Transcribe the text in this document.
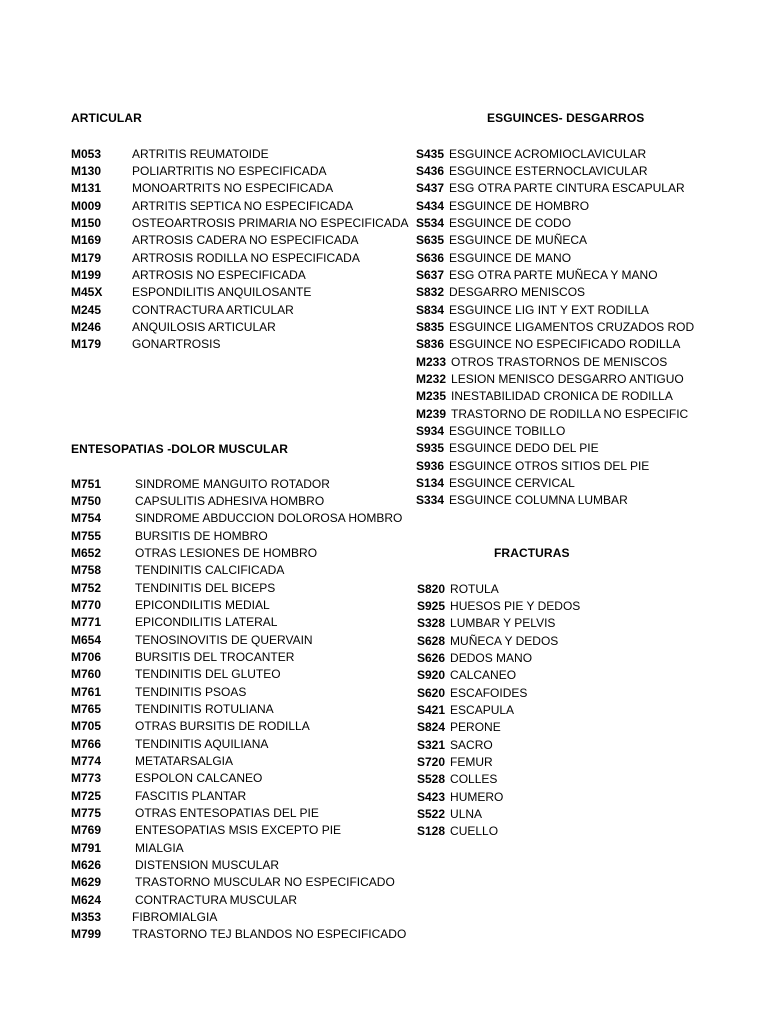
ARTICULAR
M053	ARTRITIS REUMATOIDE
M130	POLIARTRITIS NO ESPECIFICADA
M131	MONOARTRITS NO ESPECIFICADA
M009	ARTRITIS SEPTICA NO ESPECIFICADA
M150	OSTEOARTROSIS PRIMARIA NO ESPECIFICADA
M169	ARTROSIS CADERA NO ESPECIFICADA
M179	ARTROSIS RODILLA NO ESPECIFICADA
M199	ARTROSIS NO ESPECIFICADA
M45X	ESPONDILITIS ANQUILOSANTE
M245	CONTRACTURA ARTICULAR
M246	ANQUILOSIS ARTICULAR
M179	GONARTROSIS
ENTESOPATIAS -DOLOR MUSCULAR
M751	SINDROME MANGUITO ROTADOR
M750	CAPSULITIS ADHESIVA HOMBRO
M754	SINDROME ABDUCCION DOLOROSA HOMBRO
M755	BURSITIS DE HOMBRO
M652	OTRAS LESIONES DE HOMBRO
M758	TENDINITIS CALCIFICADA
M752	TENDINITIS DEL BICEPS
M770	EPICONDILITIS MEDIAL
M771	EPICONDILITIS LATERAL
M654	TENOSINOVITIS DE QUERVAIN
M706	BURSITIS DEL TROCANTER
M760	TENDINITIS DEL GLUTEO
M761	TENDINITIS PSOAS
M765	TENDINITIS ROTULIANA
M705	OTRAS BURSITIS DE RODILLA
M766	TENDINITIS AQUILIANA
M774	METATARSALGIA
M773	ESPOLON CALCANEO
M725	FASCITIS PLANTAR
M775	OTRAS ENTESOPATIAS DEL PIE
M769	ENTESOPATIAS MSIS EXCEPTO PIE
M791	MIALGIA
M626	DISTENSION MUSCULAR
M629	TRASTORNO MUSCULAR NO ESPECIFICADO
M624	CONTRACTURA MUSCULAR
M353	FIBROMIALGIA
M799	TRASTORNO TEJ BLANDOS NO ESPECIFICADO
ESGUINCES- DESGARROS
S435 ESGUINCE ACROMIOCLAVICULAR
S436 ESGUINCE ESTERNOCLAVICULAR
S437 ESG OTRA PARTE CINTURA ESCAPULAR
S434 ESGUINCE DE HOMBRO
S534 ESGUINCE DE CODO
S635 ESGUINCE DE MUÑECA
S636 ESGUINCE DE MANO
S637 ESG OTRA PARTE MUÑECA Y MANO
S832 DESGARRO MENISCOS
S834 ESGUINCE LIG INT Y EXT RODILLA
S835 ESGUINCE LIGAMENTOS CRUZADOS ROD
S836 ESGUINCE NO ESPECIFICADO RODILLA
M233 OTROS TRASTORNOS DE MENISCOS
M232 LESION MENISCO DESGARRO ANTIGUO
M235 INESTABILIDAD CRONICA DE RODILLA
M239 TRASTORNO DE RODILLA NO ESPECIFIC
S934 ESGUINCE TOBILLO
S935 ESGUINCE DEDO DEL PIE
S936 ESGUINCE OTROS SITIOS DEL PIE
S134 ESGUINCE CERVICAL
S334 ESGUINCE COLUMNA LUMBAR
FRACTURAS
S820 ROTULA
S925 HUESOS PIE Y DEDOS
S328 LUMBAR Y PELVIS
S628 MUÑECA Y DEDOS
S626 DEDOS MANO
S920 CALCANEO
S620 ESCAFOIDES
S421 ESCAPULA
S824 PERONE
S321 SACRO
S720 FEMUR
S528 COLLES
S423 HUMERO
S522 ULNA
S128 CUELLO
